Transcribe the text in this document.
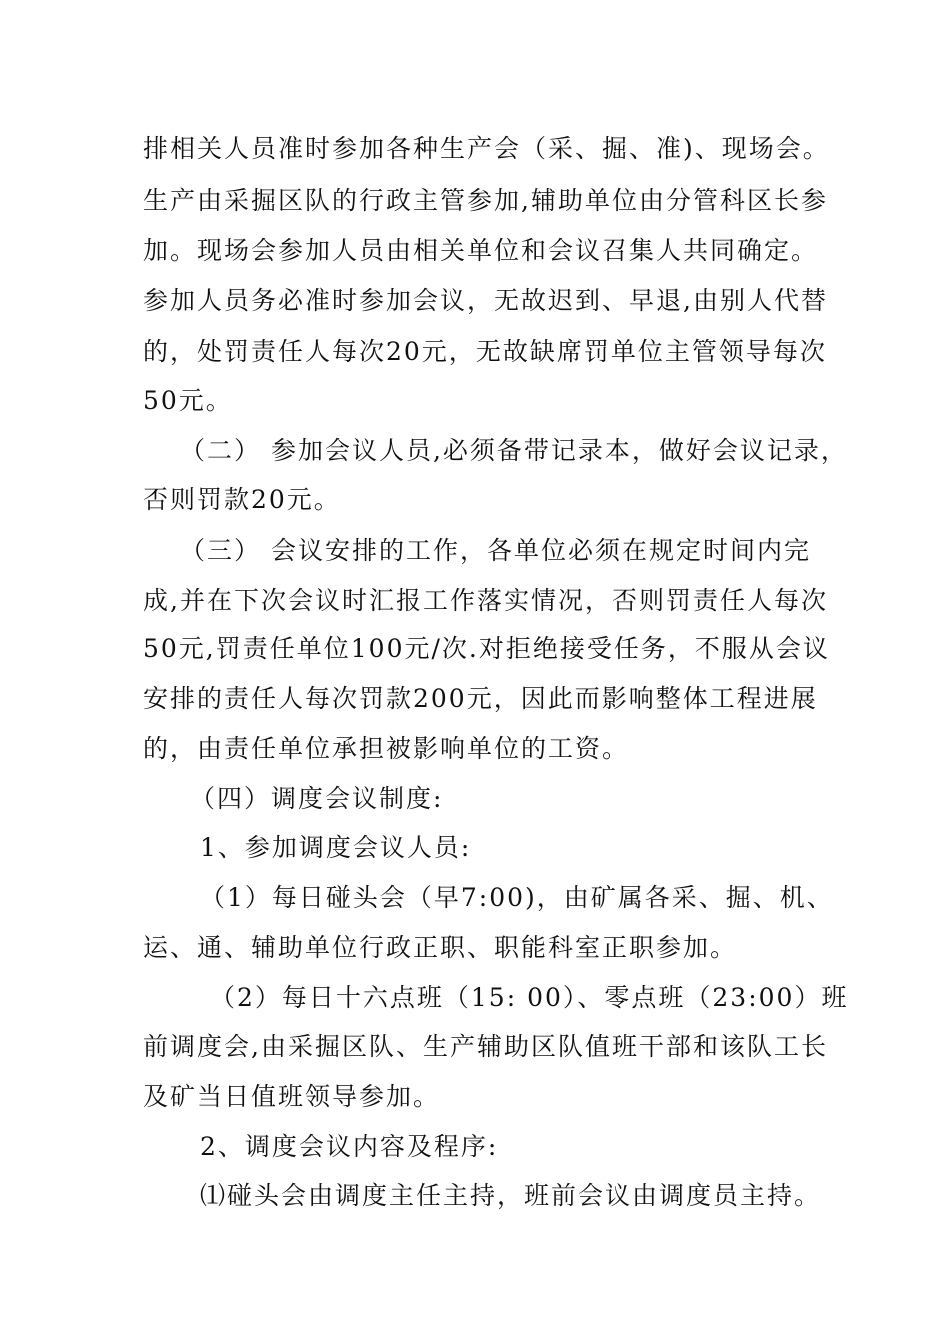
排相关人员准时参加各种生产会（采、掘、准)、现场会。
生产由采掘区队的行政主管参加,辅助单位由分管科区长参
加。现场会参加人员由相关单位和会议召集人共同确定。
参加人员务必准时参加会议，无故迟到、早退,由别人代替
的，处罚责任人每次20元，无故缺席罚单位主管领导每次
50元。
（二） 参加会议人员,必须备带记录本，做好会议记录，
否则罚款20元。
（三） 会议安排的工作，各单位必须在规定时间内完
成,并在下次会议时汇报工作落实情况，否则罚责任人每次
50元,罚责任单位100元/次.对拒绝接受任务，不服从会议
安排的责任人每次罚款200元，因此而影响整体工程进展
的，由责任单位承担被影响单位的工资。
（四）调度会议制度:
1、参加调度会议人员:
（1）每日碰头会（早7:00)，由矿属各采、掘、机、
运、通、辅助单位行政正职、职能科室正职参加。
（2）每日十六点班（15: 00）、零点班（23:00）班
前调度会,由采掘区队、生产辅助区队值班干部和该队工长
及矿当日值班领导参加。
2、调度会议内容及程序:
⑴碰头会由调度主任主持，班前会议由调度员主持。
